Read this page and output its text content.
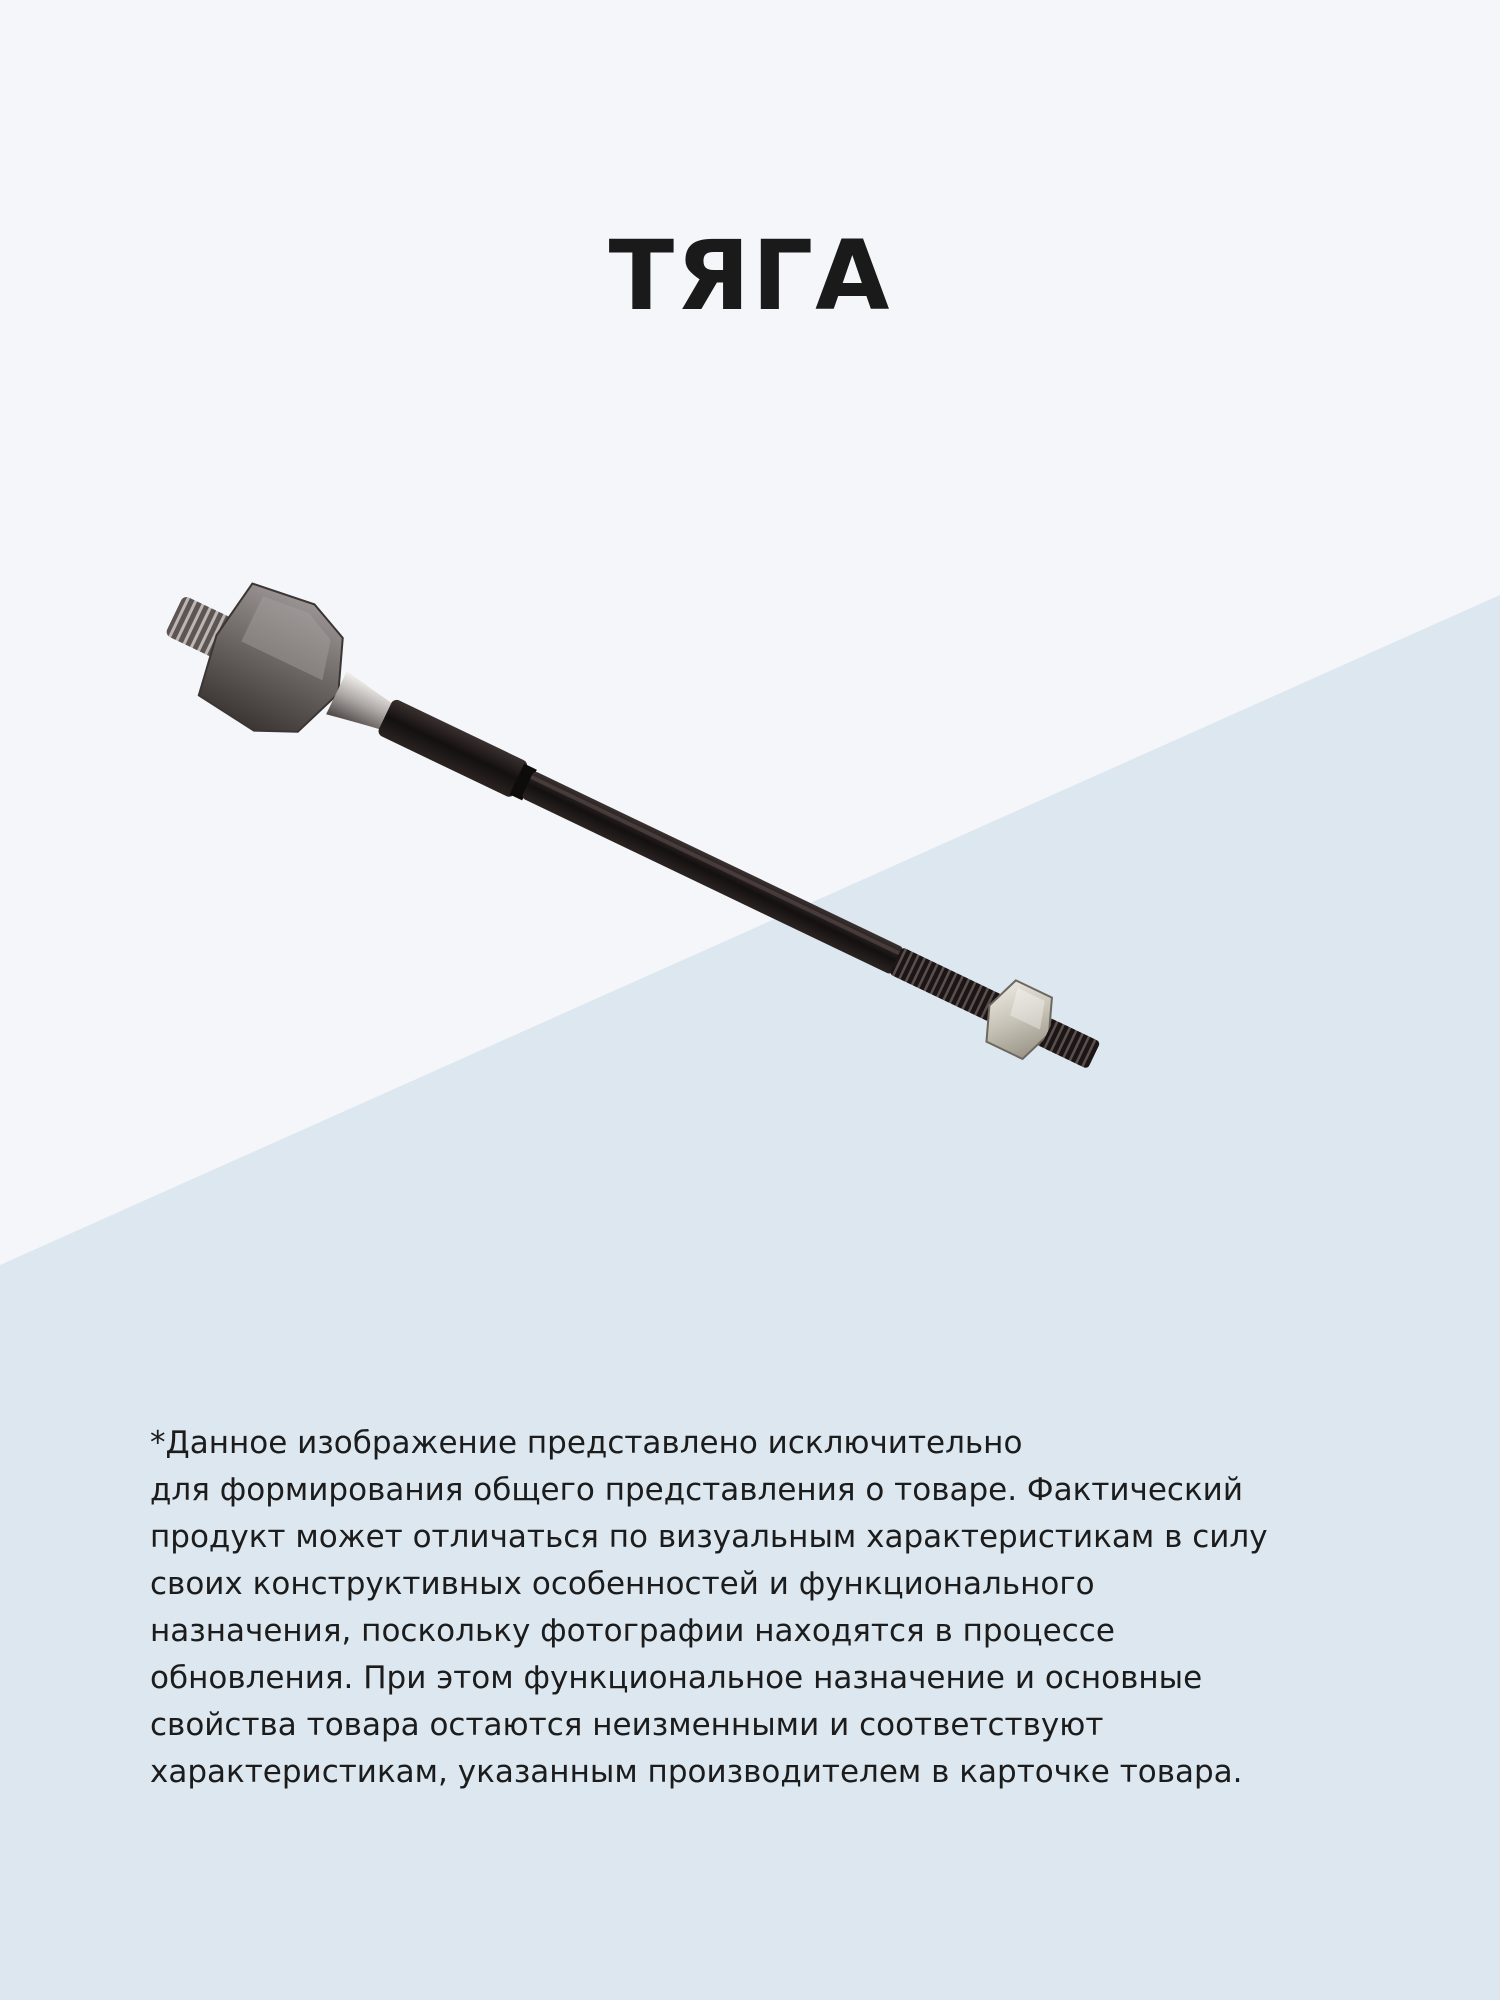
ТЯГА
*Данное изображение представлено исключительно
для формирования общего представления о товаре. Фактический
продукт может отличаться по визуальным характеристикам в силу
своих конструктивных особенностей и функционального
назначения, поскольку фотографии находятся в процессе
обновления. При этом функциональное назначение и основные
свойства товара остаются неизменными и соответствуют
характеристикам, указанным производителем в карточке товара.
